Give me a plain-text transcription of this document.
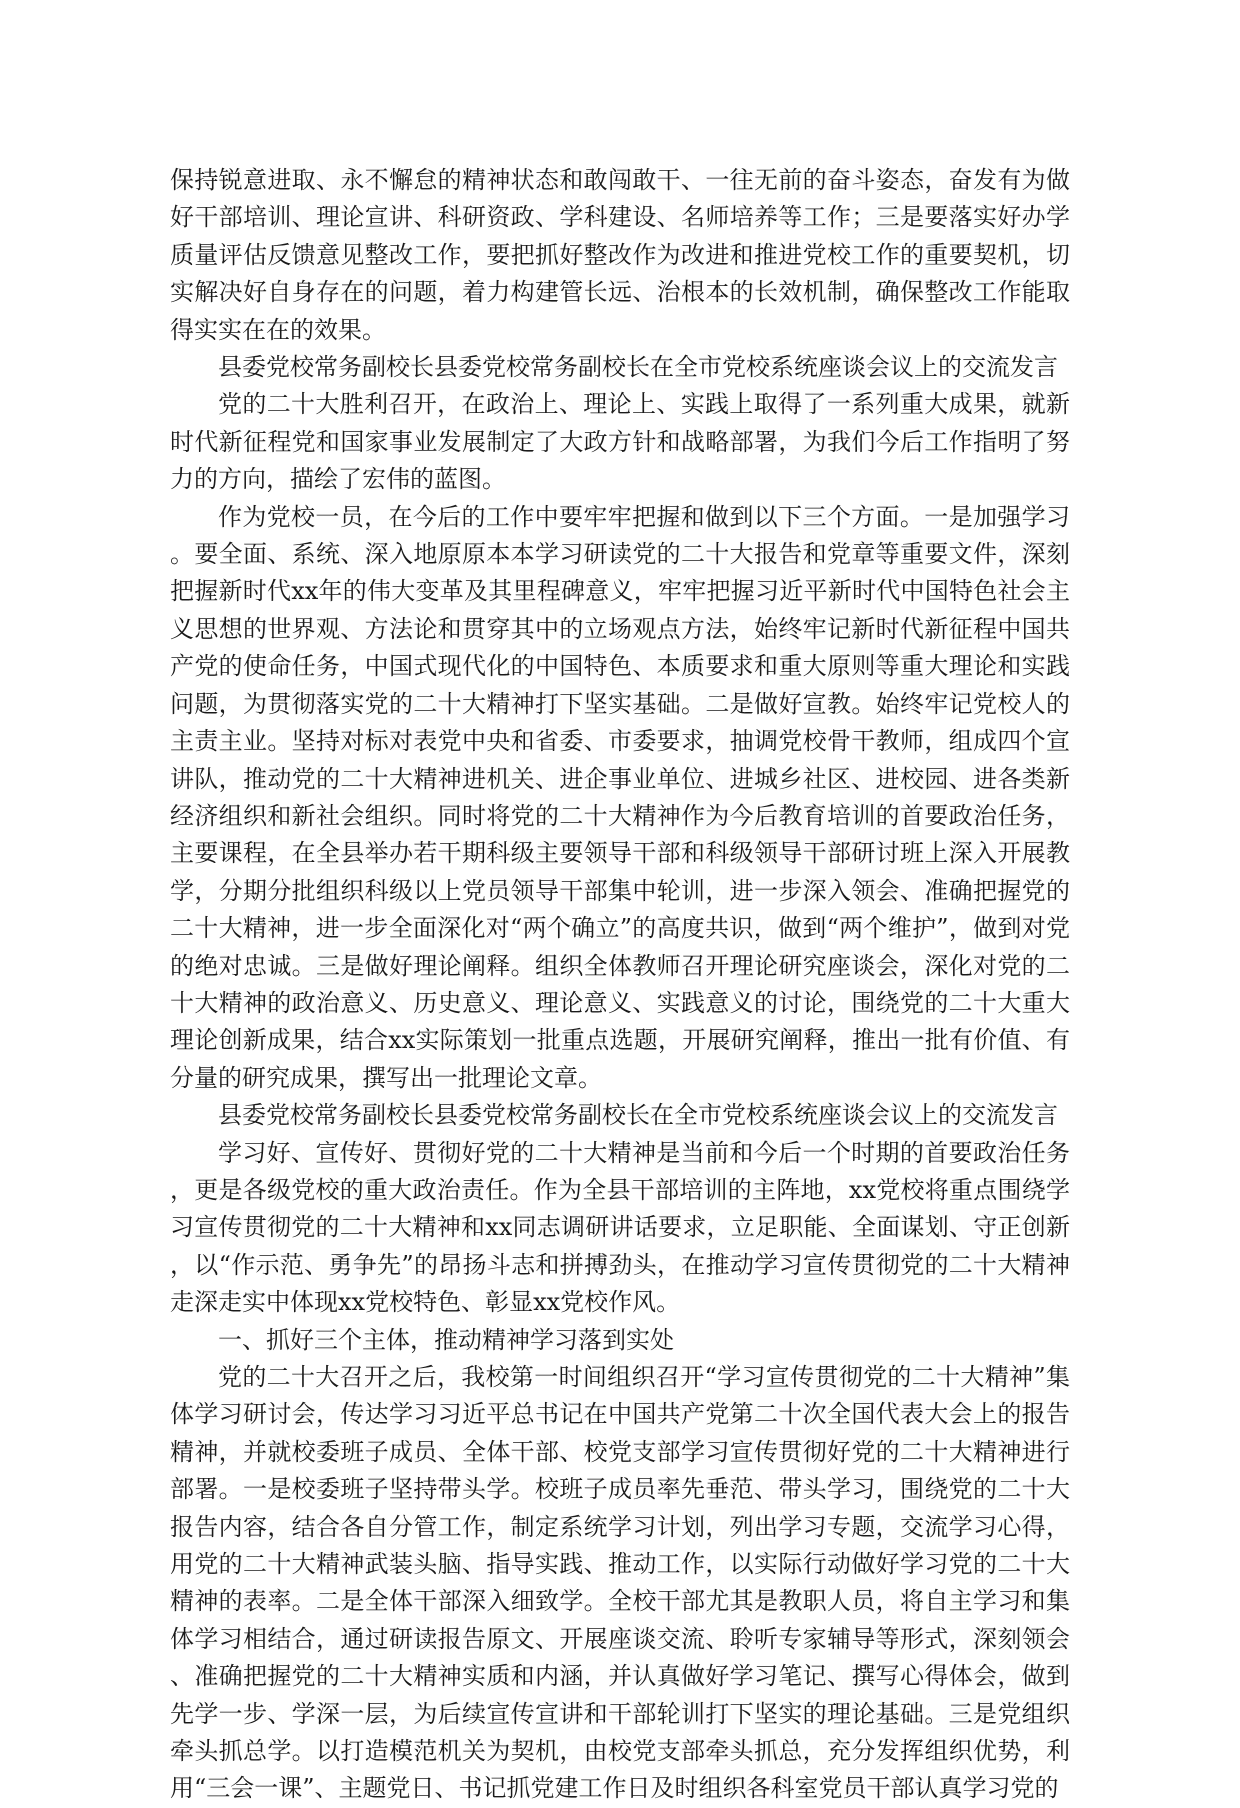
保持锐意进取、永不懈怠的精神状态和敢闯敢干、一往无前的奋斗姿态，奋发有为做好干部培训、理论宣讲、科研资政、学科建设、名师培养等工作；三是要落实好办学质量评估反馈意见整改工作，要把抓好整改作为改进和推进党校工作的重要契机，切实解决好自身存在的问题，着力构建管长远、治根本的长效机制，确保整改工作能取得实实在在的效果。

县委党校常务副校长县委党校常务副校长在全市党校系统座谈会议上的交流发言

党的二十大胜利召开，在政治上、理论上、实践上取得了一系列重大成果，就新时代新征程党和国家事业发展制定了大政方针和战略部署，为我们今后工作指明了努力的方向，描绘了宏伟的蓝图。

作为党校一员，在今后的工作中要牢牢把握和做到以下三个方面。一是加强学习。要全面、系统、深入地原原本本学习研读党的二十大报告和党章等重要文件，深刻把握新时代xx年的伟大变革及其里程碑意义，牢牢把握习近平新时代中国特色社会主义思想的世界观、方法论和贯穿其中的立场观点方法，始终牢记新时代新征程中国共产党的使命任务，中国式现代化的中国特色、本质要求和重大原则等重大理论和实践问题，为贯彻落实党的二十大精神打下坚实基础。二是做好宣教。始终牢记党校人的主责主业。坚持对标对表党中央和省委、市委要求，抽调党校骨干教师，组成四个宣讲队，推动党的二十大精神进机关、进企事业单位、进城乡社区、进校园、进各类新经济组织和新社会组织。同时将党的二十大精神作为今后教育培训的首要政治任务，主要课程，在全县举办若干期科级主要领导干部和科级领导干部研讨班上深入开展教学，分期分批组织科级以上党员领导干部集中轮训，进一步深入领会、准确把握党的二十大精神，进一步全面深化对“两个确立”的高度共识，做到“两个维护”，做到对党的绝对忠诚。三是做好理论阐释。组织全体教师召开理论研究座谈会，深化对党的二十大精神的政治意义、历史意义、理论意义、实践意义的讨论，围绕党的二十大重大理论创新成果，结合xx实际策划一批重点选题，开展研究阐释，推出一批有价值、有分量的研究成果，撰写出一批理论文章。

县委党校常务副校长县委党校常务副校长在全市党校系统座谈会议上的交流发言

学习好、宣传好、贯彻好党的二十大精神是当前和今后一个时期的首要政治任务，更是各级党校的重大政治责任。作为全县干部培训的主阵地，xx党校将重点围绕学习宣传贯彻党的二十大精神和xx同志调研讲话要求，立足职能、全面谋划、守正创新，以“作示范、勇争先”的昂扬斗志和拼搏劲头，在推动学习宣传贯彻党的二十大精神走深走实中体现xx党校特色、彰显xx党校作风。

一、抓好三个主体，推动精神学习落到实处

党的二十大召开之后，我校第一时间组织召开“学习宣传贯彻党的二十大精神”集体学习研讨会，传达学习习近平总书记在中国共产党第二十次全国代表大会上的报告精神，并就校委班子成员、全体干部、校党支部学习宣传贯彻好党的二十大精神进行部署。一是校委班子坚持带头学。校班子成员率先垂范、带头学习，围绕党的二十大报告内容，结合各自分管工作，制定系统学习计划，列出学习专题，交流学习心得，用党的二十大精神武装头脑、指导实践、推动工作，以实际行动做好学习党的二十大精神的表率。二是全体干部深入细致学。全校干部尤其是教职人员，将自主学习和集体学习相结合，通过研读报告原文、开展座谈交流、聆听专家辅导等形式，深刻领会、准确把握党的二十大精神实质和内涵，并认真做好学习笔记、撰写心得体会，做到先学一步、学深一层，为后续宣传宣讲和干部轮训打下坚实的理论基础。三是党组织牵头抓总学。以打造模范机关为契机，由校党支部牵头抓总，充分发挥组织优势，利用“三会一课”、主题党日、书记抓党建工作日及时组织各科室党员干部认真学习党的
